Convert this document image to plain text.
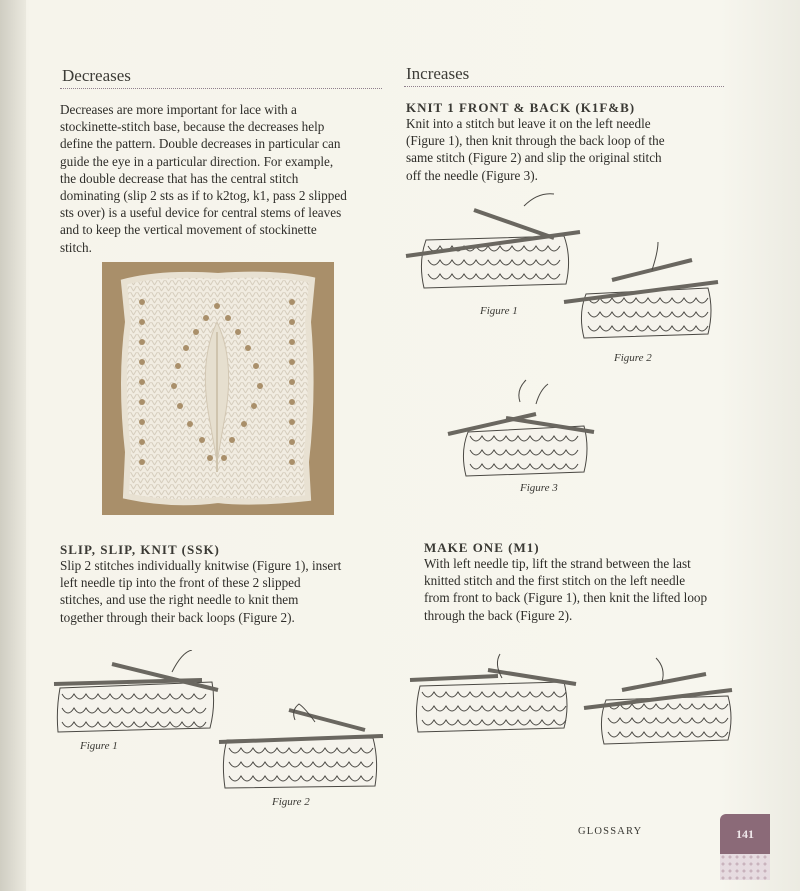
Decreases
Decreases are more important for lace with a
stockinette-stitch base, because the decreases help
define the pattern. Double decreases in particular can
guide the eye in a particular direction. For example,
the double decrease that has the central stitch
dominating (slip 2 sts as if to k2tog, k1, pass 2 slipped
sts over) is a useful device for central stems of leaves
and to keep the vertical movement of stockinette
stitch.
SLIP, SLIP, KNIT (SSK)
Slip 2 stitches individually knitwise (Figure 1), insert
left needle tip into the front of these 2 slipped
stitches, and use the right needle to knit them
together through their back loops (Figure 2).
Figure 1
Figure 2
Increases
KNIT 1 FRONT & BACK (K1F&B)
Knit into a stitch but leave it on the left needle
(Figure 1), then knit through the back loop of the
same stitch (Figure 2) and slip the original stitch
off the needle (Figure 3).
Figure 1
Figure 2
Figure 3
MAKE ONE (M1)
With left needle tip, lift the strand between the last
knitted stitch and the first stitch on the left needle
from front to back (Figure 1), then knit the lifted loop
through the back (Figure 2).
GLOSSARY	141
